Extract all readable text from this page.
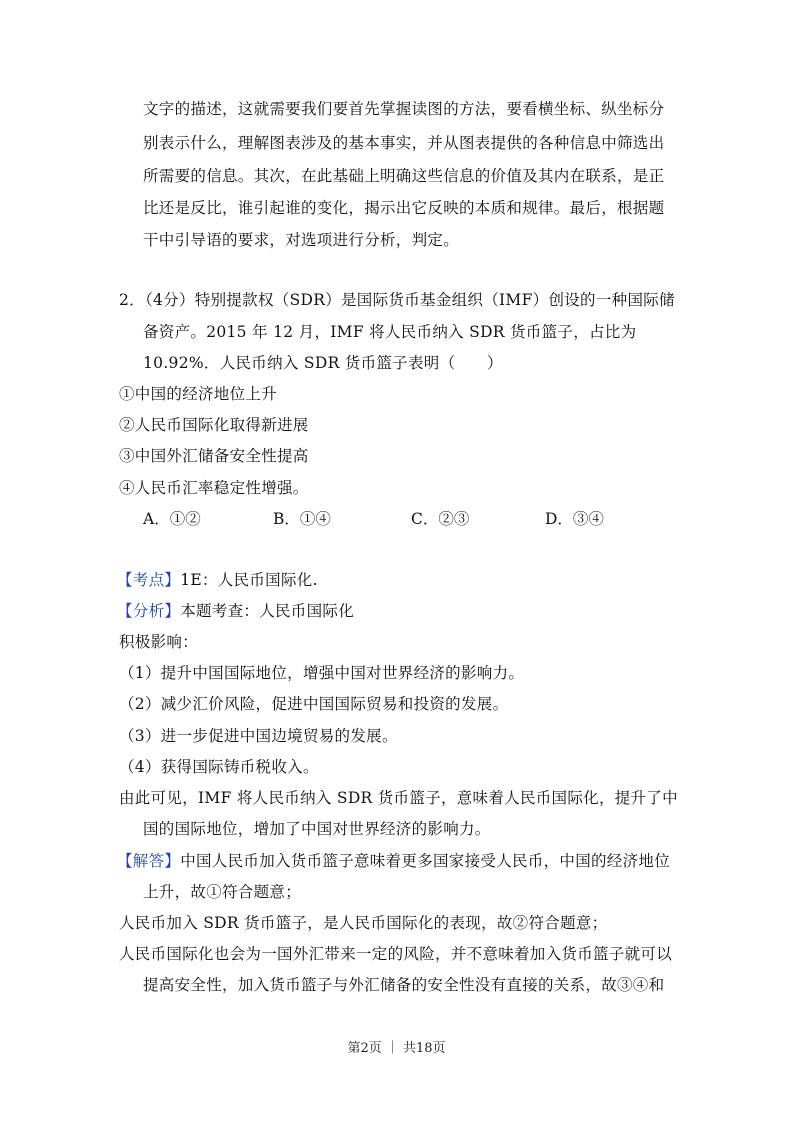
文字的描述，这就需要我们要首先掌握读图的方法，要看横坐标、纵坐标分
别表示什么，理解图表涉及的基本事实，并从图表提供的各种信息中筛选出
所需要的信息。其次，在此基础上明确这些信息的价值及其内在联系，是正
比还是反比，谁引起谁的变化，揭示出它反映的本质和规律。最后，根据题
干中引导语的要求，对选项进行分析，判定。
2．（4分）特别提款权（SDR）是国际货币基金组织（IMF）创设的一种国际储
备资产。2015 年 12 月，IMF 将人民币纳入 SDR 货币篮子，占比为
10.92%．人民币纳入 SDR 货币篮子表明（　　）
①中国的经济地位上升
②人民币国际化取得新进展
③中国外汇储备安全性提高
④人民币汇率稳定性增强。
A．①②	B．①④	C．②③	D．③④
【考点】1E：人民币国际化.
【分析】本题考查：人民币国际化
积极影响：
（1）提升中国国际地位，增强中国对世界经济的影响力。
（2）减少汇价风险，促进中国国际贸易和投资的发展。
（3）进一步促进中国边境贸易的发展。
（4）获得国际铸币税收入。
由此可见，IMF 将人民币纳入 SDR 货币篮子，意味着人民币国际化，提升了中
国的国际地位，增加了中国对世界经济的影响力。
【解答】中国人民币加入货币篮子意味着更多国家接受人民币，中国的经济地位
上升，故①符合题意；
人民币加入 SDR 货币篮子，是人民币国际化的表现，故②符合题意；
人民币国际化也会为一国外汇带来一定的风险，并不意味着加入货币篮子就可以
提高安全性，加入货币篮子与外汇储备的安全性没有直接的关系，故③④和
第2页 ｜ 共18页
